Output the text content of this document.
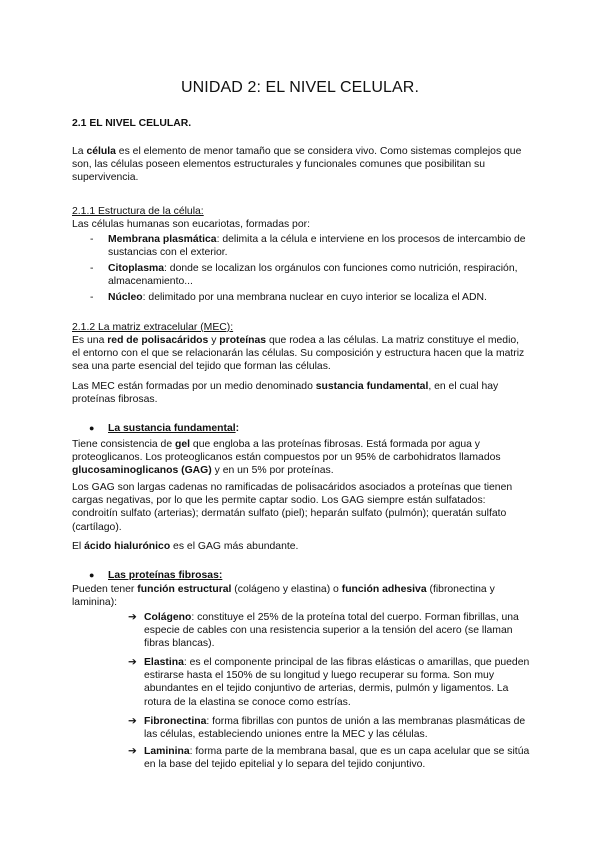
UNIDAD 2: EL NIVEL CELULAR.
2.1 EL NIVEL CELULAR.
La célula es el elemento de menor tamaño que se considera vivo. Como sistemas complejos que son, las células poseen elementos estructurales y funcionales comunes que posibilitan su supervivencia.
2.1.1 Estructura de la célula:
Las células humanas son eucariotas, formadas por:
- Membrana plasmática: delimita a la célula e interviene en los procesos de intercambio de sustancias con el exterior.
- Citoplasma: donde se localizan los orgánulos con funciones como nutrición, respiración, almacenamiento...
- Núcleo: delimitado por una membrana nuclear en cuyo interior se localiza el ADN.
2.1.2 La matriz extracelular (MEC):
Es una red de polisacáridos y proteínas que rodea a las células. La matriz constituye el medio, el entorno con el que se relacionarán las células. Su composición y estructura hacen que la matriz sea una parte esencial del tejido que forman las células.
Las MEC están formadas por un medio denominado sustancia fundamental, en el cual hay proteínas fibrosas.
● La sustancia fundamental:
Tiene consistencia de gel que engloba a las proteínas fibrosas. Está formada por agua y proteoglicanos. Los proteoglicanos están compuestos por un 95% de carbohidratos llamados glucosaminoglicanos (GAG) y en un 5% por proteínas.
Los GAG son largas cadenas no ramificadas de polisacáridos asociados a proteínas que tienen cargas negativas, por lo que les permite captar sodio. Los GAG siempre están sulfatados: condroitín sulfato (arterias); dermatán sulfato (piel); heparán sulfato (pulmón); queratán sulfato (cartílago).
El ácido hialurónico es el GAG más abundante.
● Las proteínas fibrosas:
Pueden tener función estructural (colágeno y elastina) o función adhesiva (fibronectina y laminina):
➔ Colágeno: constituye el 25% de la proteína total del cuerpo. Forman fibrillas, una especie de cables con una resistencia superior a la tensión del acero (se llaman fibras blancas).
➔ Elastina: es el componente principal de las fibras elásticas o amarillas, que pueden estirarse hasta el 150% de su longitud y luego recuperar su forma. Son muy abundantes en el tejido conjuntivo de arterias, dermis, pulmón y ligamentos. La rotura de la elastina se conoce como estrías.
➔ Fibronectina: forma fibrillas con puntos de unión a las membranas plasmáticas de las células, estableciendo uniones entre la MEC y las células.
➔ Laminina: forma parte de la membrana basal, que es un capa acelular que se sitúa en la base del tejido epitelial y lo separa del tejido conjuntivo.
